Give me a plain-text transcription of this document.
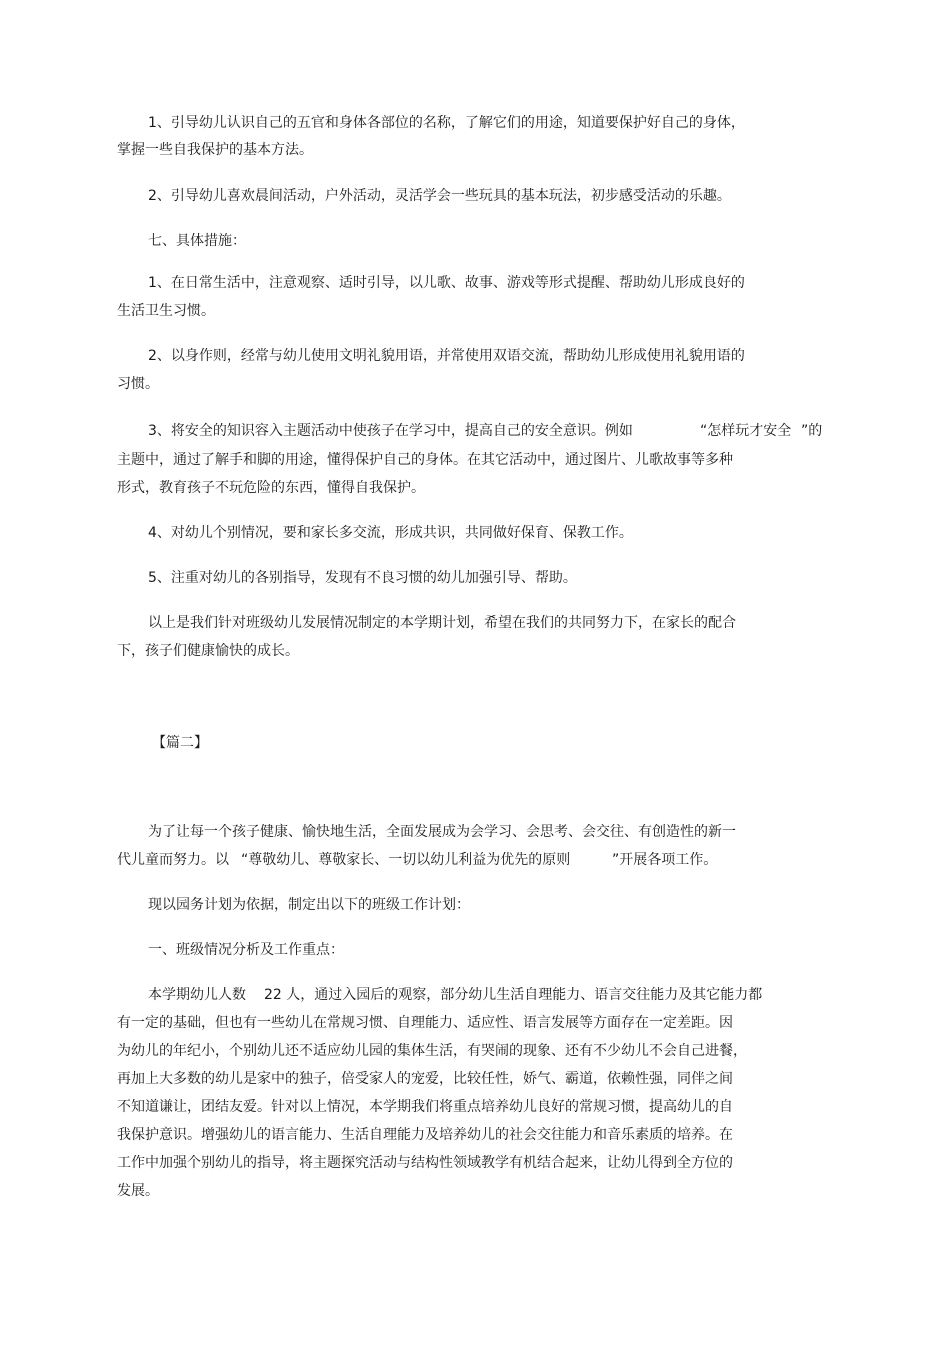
1、引导幼儿认识自己的五官和身体各部位的名称，了解它们的用途，知道要保护好自己的身体，
掌握一些自我保护的基本方法。
2、引导幼儿喜欢晨间活动，户外活动，灵活学会一些玩具的基本玩法，初步感受活动的乐趣。
七、具体措施：
1、在日常生活中，注意观察、适时引导，以儿歌、故事、游戏等形式提醒、帮助幼儿形成良好的
生活卫生习惯。
2、以身作则，经常与幼儿使用文明礼貌用语，并常使用双语交流，帮助幼儿形成使用礼貌用语的
习惯。
3、将安全的知识容入主题活动中使孩子在学习中，提高自己的安全意识。例如	“怎样玩才安全 ”的
主题中，通过了解手和脚的用途，懂得保护自己的身体。在其它活动中，通过图片、儿歌故事等多种
形式，教育孩子不玩危险的东西，懂得自我保护。
4、对幼儿个别情况，要和家长多交流，形成共识，共同做好保育、保教工作。
5、注重对幼儿的各别指导，发现有不良习惯的幼儿加强引导、帮助。
以上是我们针对班级幼儿发展情况制定的本学期计划，希望在我们的共同努力下，在家长的配合
下，孩子们健康愉快的成长。
【篇二】
为了让每一个孩子健康、愉快地生活，全面发展成为会学习、会思考、会交往、有创造性的新一
代儿童而努力。以 “尊敬幼儿、尊敬家长、一切以幼儿利益为优先的原则	”开展各项工作。
现以园务计划为依据，制定出以下的班级工作计划：
一、班级情况分析及工作重点：
本学期幼儿人数 22 人，通过入园后的观察，部分幼儿生活自理能力、语言交往能力及其它能力都
有一定的基础，但也有一些幼儿在常规习惯、自理能力、适应性、语言发展等方面存在一定差距。因
为幼儿的年纪小，个别幼儿还不适应幼儿园的集体生活，有哭闹的现象、还有不少幼儿不会自己进餐，
再加上大多数的幼儿是家中的独子，倍受家人的宠爱，比较任性，娇气、霸道，依赖性强，同伴之间
不知道谦让，团结友爱。针对以上情况，本学期我们将重点培养幼儿良好的常规习惯，提高幼儿的自
我保护意识。增强幼儿的语言能力、生活自理能力及培养幼儿的社会交往能力和音乐素质的培养。在
工作中加强个别幼儿的指导，将主题探究活动与结构性领域教学有机结合起来，让幼儿得到全方位的
发展。
